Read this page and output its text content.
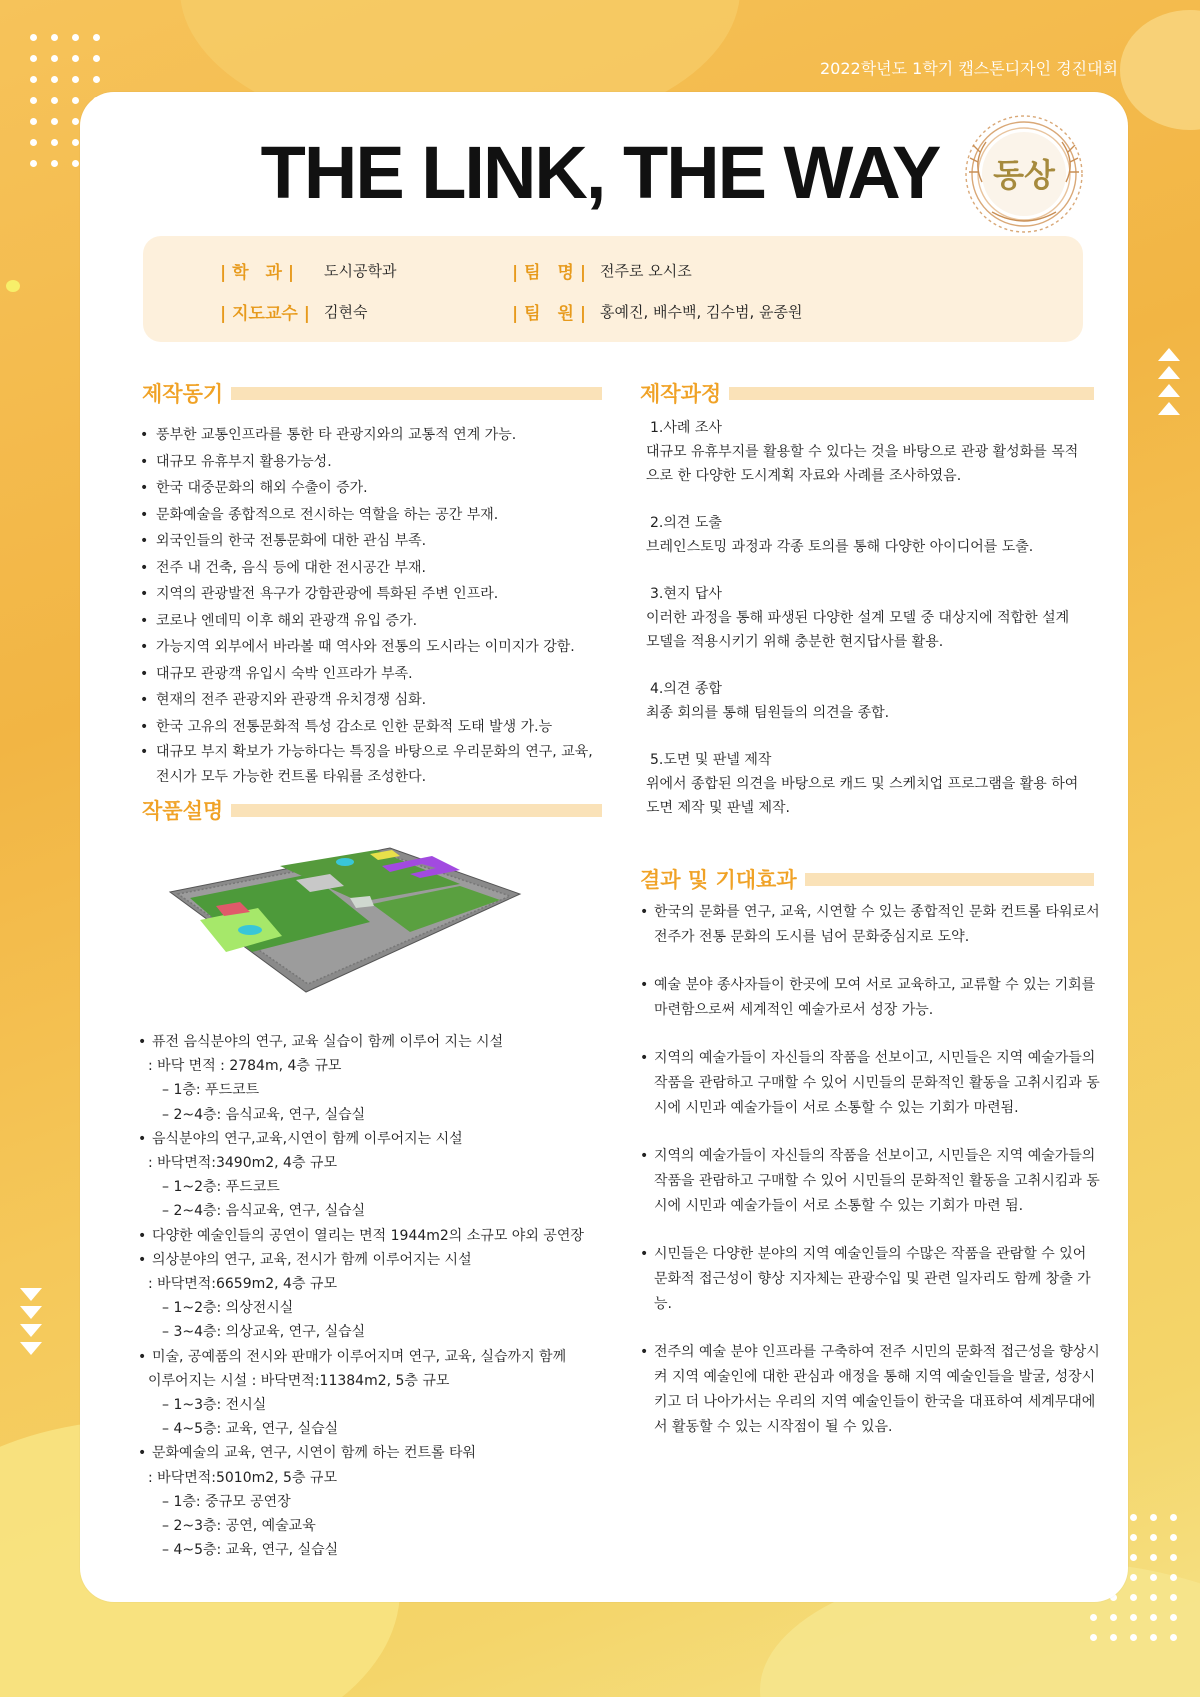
2022학년도 1학기 캡스톤디자인 경진대회
THE LINK, THE WAY	동상
| 학　과 | 도시공학과	| 팀　명 | 전주로 오시조
| 지도교수 | 김현숙	| 팀　원 | 홍예진, 배수백, 김수범, 윤종원
제작동기
• 풍부한 교통인프라를 통한 타 관광지와의 교통적 연계 가능.
• 대규모 유휴부지 활용가능성.
• 한국 대중문화의 해외 수출이 증가.
• 문화예술을 종합적으로 전시하는 역할을 하는 공간 부재.
• 외국인들의 한국 전통문화에 대한 관심 부족.
• 전주 내 건축, 음식 등에 대한 전시공간 부재.
• 지역의 관광발전 욕구가 강함관광에 특화된 주변 인프라.
• 코로나 엔데믹 이후 해외 관광객 유입 증가.
• 가능지역 외부에서 바라볼 때 역사와 전통의 도시라는 이미지가 강함.
• 대규모 관광객 유입시 숙박 인프라가 부족.
• 현재의 전주 관광지와 관광객 유치경쟁 심화.
• 한국 고유의 전통문화적 특성 감소로 인한 문화적 도태 발생 가.능
• 대규모 부지 확보가 가능하다는 특징을 바탕으로 우리문화의 연구, 교육, 전시가 모두 가능한 컨트롤 타워를 조성한다.
작품설명
• 퓨전 음식분야의 연구, 교육 실습이 함께 이루어 지는 시설
: 바닥 면적 : 2784m, 4층 규모
– 1층: 푸드코트
– 2~4층: 음식교육, 연구, 실습실
• 음식분야의 연구,교육,시연이 함께 이루어지는 시설
: 바닥면적:3490m2, 4층 규모
– 1~2층: 푸드코트
– 2~4층: 음식교육, 연구, 실습실
• 다양한 예술인들의 공연이 열리는 면적 1944m2의 소규모 야외 공연장
• 의상분야의 연구, 교육, 전시가 함께 이루어지는 시설
: 바닥면적:6659m2, 4층 규모
– 1~2층: 의상전시실
– 3~4층: 의상교육, 연구, 실습실
• 미술, 공예품의 전시와 판매가 이루어지며 연구, 교육, 실습까지 함께
이루어지는 시설 : 바닥면적:11384m2, 5층 규모
– 1~3층: 전시실
– 4~5층: 교육, 연구, 실습실
• 문화예술의 교육, 연구, 시연이 함께 하는 컨트롤 타워
: 바닥면적:5010m2, 5층 규모
– 1층: 중규모 공연장
– 2~3층: 공연, 예술교육
– 4~5층: 교육, 연구, 실습실
제작과정
1.사례 조사
대규모 유휴부지를 활용할 수 있다는 것을 바탕으로 관광 활성화를 목적으로 한 다양한 도시계획 자료와 사례를 조사하였음.
2.의견 도출
브레인스토밍 과정과 각종 토의를 통해 다양한 아이디어를 도출.
3.현지 답사
이러한 과정을 통해 파생된 다양한 설계 모델 중 대상지에 적합한 설계 모델을 적용시키기 위해 충분한 현지답사를 활용.
4.의견 종합
최종 회의를 통해 팀원들의 의견을 종합.
5.도면 및 판넬 제작
위에서 종합된 의견을 바탕으로 캐드 및 스케치업 프로그램을 활용 하여 도면 제작 및 판넬 제작.
결과 및 기대효과
• 한국의 문화를 연구, 교육, 시연할 수 있는 종합적인 문화 컨트롤 타워로서 전주가 전통 문화의 도시를 넘어 문화중심지로 도약.
• 예술 분야 종사자들이 한곳에 모여 서로 교육하고, 교류할 수 있는 기회를 마련함으로써 세계적인 예술가로서 성장 가능.
• 지역의 예술가들이 자신들의 작품을 선보이고, 시민들은 지역 예술가들의 작품을 관람하고 구매할 수 있어 시민들의 문화적인 활동을 고취시킴과 동시에 시민과 예술가들이 서로 소통할 수 있는 기회가 마련됨.
• 지역의 예술가들이 자신들의 작품을 선보이고, 시민들은 지역 예술가들의 작품을 관람하고 구매할 수 있어 시민들의 문화적인 활동을 고취시킴과 동시에 시민과 예술가들이 서로 소통할 수 있는 기회가 마련 됨.
• 시민들은 다양한 분야의 지역 예술인들의 수많은 작품을 관람할 수 있어 문화적 접근성이 향상 지자체는 관광수입 및 관련 일자리도 함께 창출 가능.
• 전주의 예술 분야 인프라를 구축하여 전주 시민의 문화적 접근성을 향상시켜 지역 예술인에 대한 관심과 애정을 통해 지역 예술인들을 발굴, 성장시키고 더 나아가서는 우리의 지역 예술인들이 한국을 대표하여 세계무대에서 활동할 수 있는 시작점이 될 수 있음.
